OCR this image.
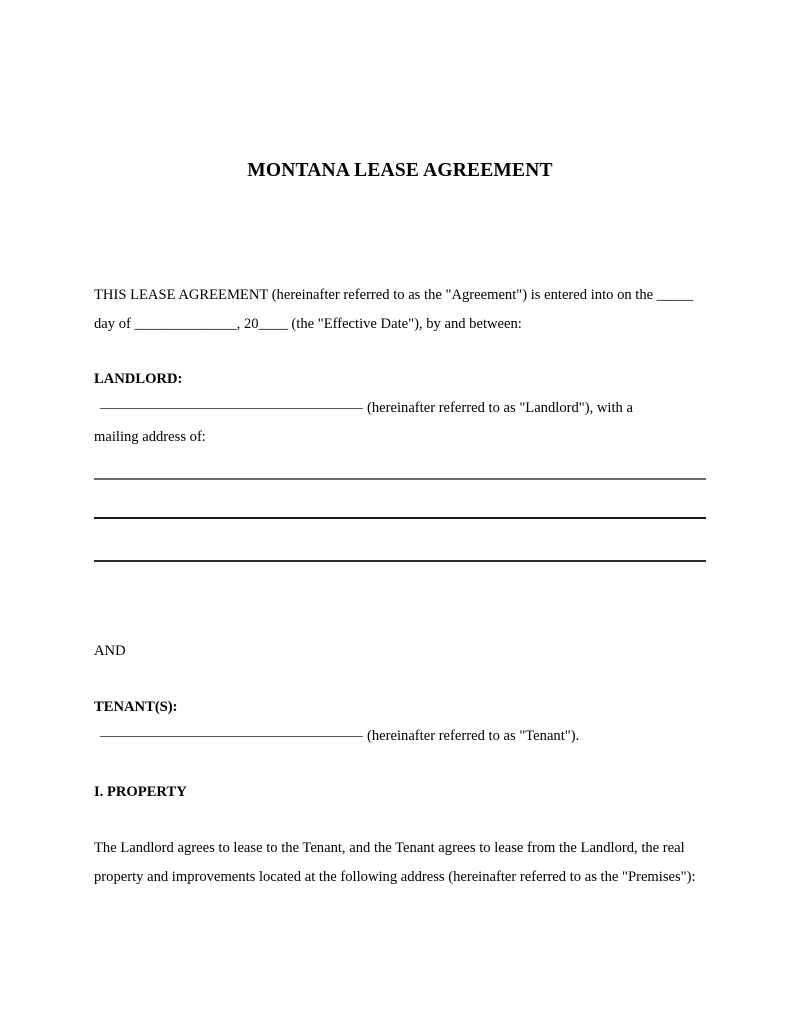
MONTANA LEASE AGREEMENT
THIS LEASE AGREEMENT (hereinafter referred to as the "Agreement") is entered into on the _____ day of ______________, 20____ (the "Effective Date"), by and between:
LANDLORD:
(hereinafter referred to as "Landlord"), with a
mailing address of:
AND
TENANT(S):
(hereinafter referred to as "Tenant").
I. PROPERTY
The Landlord agrees to lease to the Tenant, and the Tenant agrees to lease from the Landlord, the real property and improvements located at the following address (hereinafter referred to as the "Premises"):
